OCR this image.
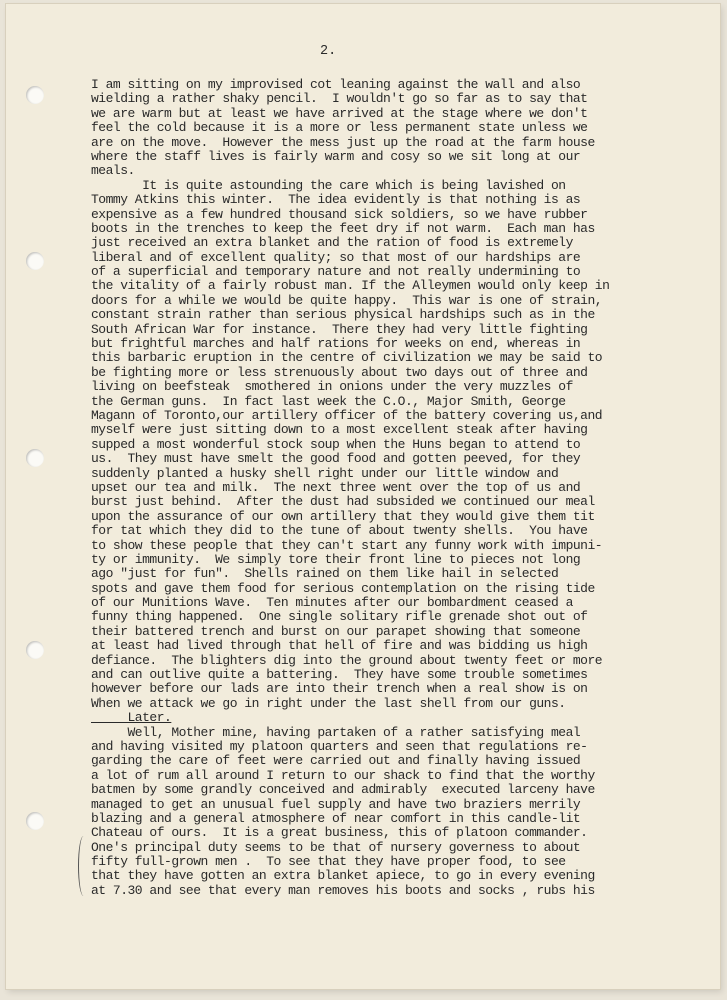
2.
I am sitting on my improvised cot leaning against the wall and also
wielding a rather shaky pencil.  I wouldn't go so far as to say that
we are warm but at least we have arrived at the stage where we don't
feel the cold because it is a more or less permanent state unless we
are on the move.  However the mess just up the road at the farm house
where the staff lives is fairly warm and cosy so we sit long at our
meals.
It is quite astounding the care which is being lavished on
Tommy Atkins this winter.  The idea evidently is that nothing is as
expensive as a few hundred thousand sick soldiers, so we have rubber
boots in the trenches to keep the feet dry if not warm.  Each man has
just received an extra blanket and the ration of food is extremely
liberal and of excellent quality; so that most of our hardships are
of a superficial and temporary nature and not really undermining to
the vitality of a fairly robust man. If the Alleymen would only keep in
doors for a while we would be quite happy.  This war is one of strain,
constant strain rather than serious physical hardships such as in the
South African War for instance.  There they had very little fighting
but frightful marches and half rations for weeks on end, whereas in
this barbaric eruption in the centre of civilization we may be said to
be fighting more or less strenuously about two days out of three and
living on beefsteak  smothered in onions under the very muzzles of
the German guns.  In fact last week the C.O., Major Smith, George
Magann of Toronto,our artillery officer of the battery covering us,and
myself were just sitting down to a most excellent steak after having
supped a most wonderful stock soup when the Huns began to attend to
us.  They must have smelt the good food and gotten peeved, for they
suddenly planted a husky shell right under our little window and
upset our tea and milk.  The next three went over the top of us and
burst just behind.  After the dust had subsided we continued our meal
upon the assurance of our own artillery that they would give them tit
for tat which they did to the tune of about twenty shells.  You have
to show these people that they can't start any funny work with impuni-
ty or immunity.  We simply tore their front line to pieces not long
ago "just for fun".  Shells rained on them like hail in selected
spots and gave them food for serious contemplation on the rising tide
of our Munitions Wave.  Ten minutes after our bombardment ceased a
funny thing happened.  One single solitary rifle grenade shot out of
their battered trench and burst on our parapet showing that someone
at least had lived through that hell of fire and was bidding us high
defiance.  The blighters dig into the ground about twenty feet or more
and can outlive quite a battering.  They have some trouble sometimes
however before our lads are into their trench when a real show is on
When we attack we go in right under the last shell from our guns.
Later.
Well, Mother mine, having partaken of a rather satisfying meal
and having visited my platoon quarters and seen that regulations re-
garding the care of feet were carried out and finally having issued
a lot of rum all around I return to our shack to find that the worthy
batmen by some grandly conceived and admirably  executed larceny have
managed to get an unusual fuel supply and have two braziers merrily
blazing and a general atmosphere of near comfort in this candle-lit
Chateau of ours.  It is a great business, this of platoon commander.
One's principal duty seems to be that of nursery governess to about
fifty full-grown men .  To see that they have proper food, to see
that they have gotten an extra blanket apiece, to go in every evening
at 7.30 and see that every man removes his boots and socks , rubs his
